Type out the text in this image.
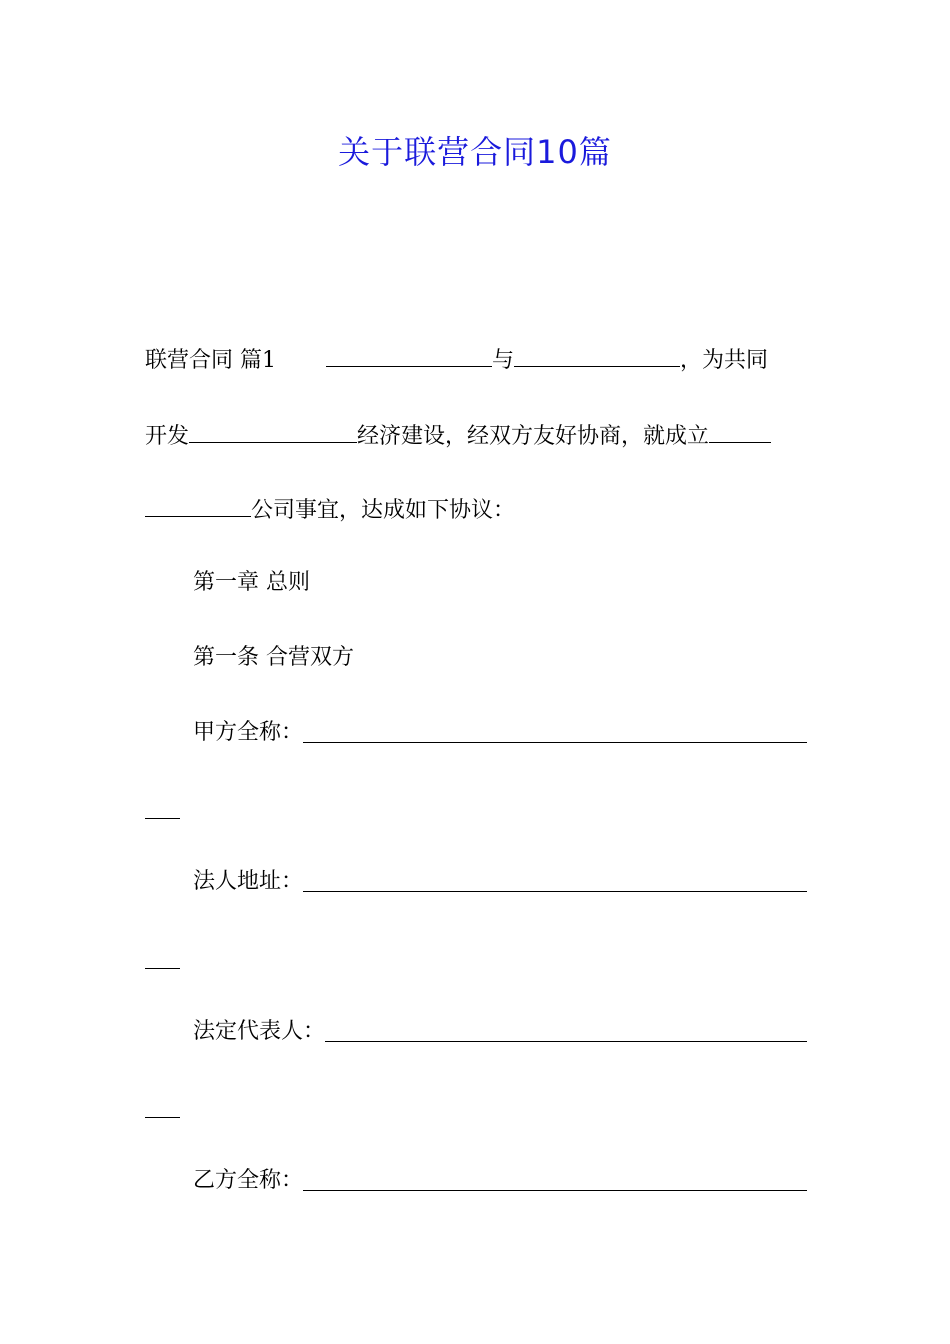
关于联营合同10篇
联营合同 篇1	与	，为共同
开发	经济建设，经双方友好协商，就成立
公司事宜，达成如下协议：
第一章 总则
第一条 合营双方
甲方全称：
法人地址：
法定代表人：
乙方全称：
